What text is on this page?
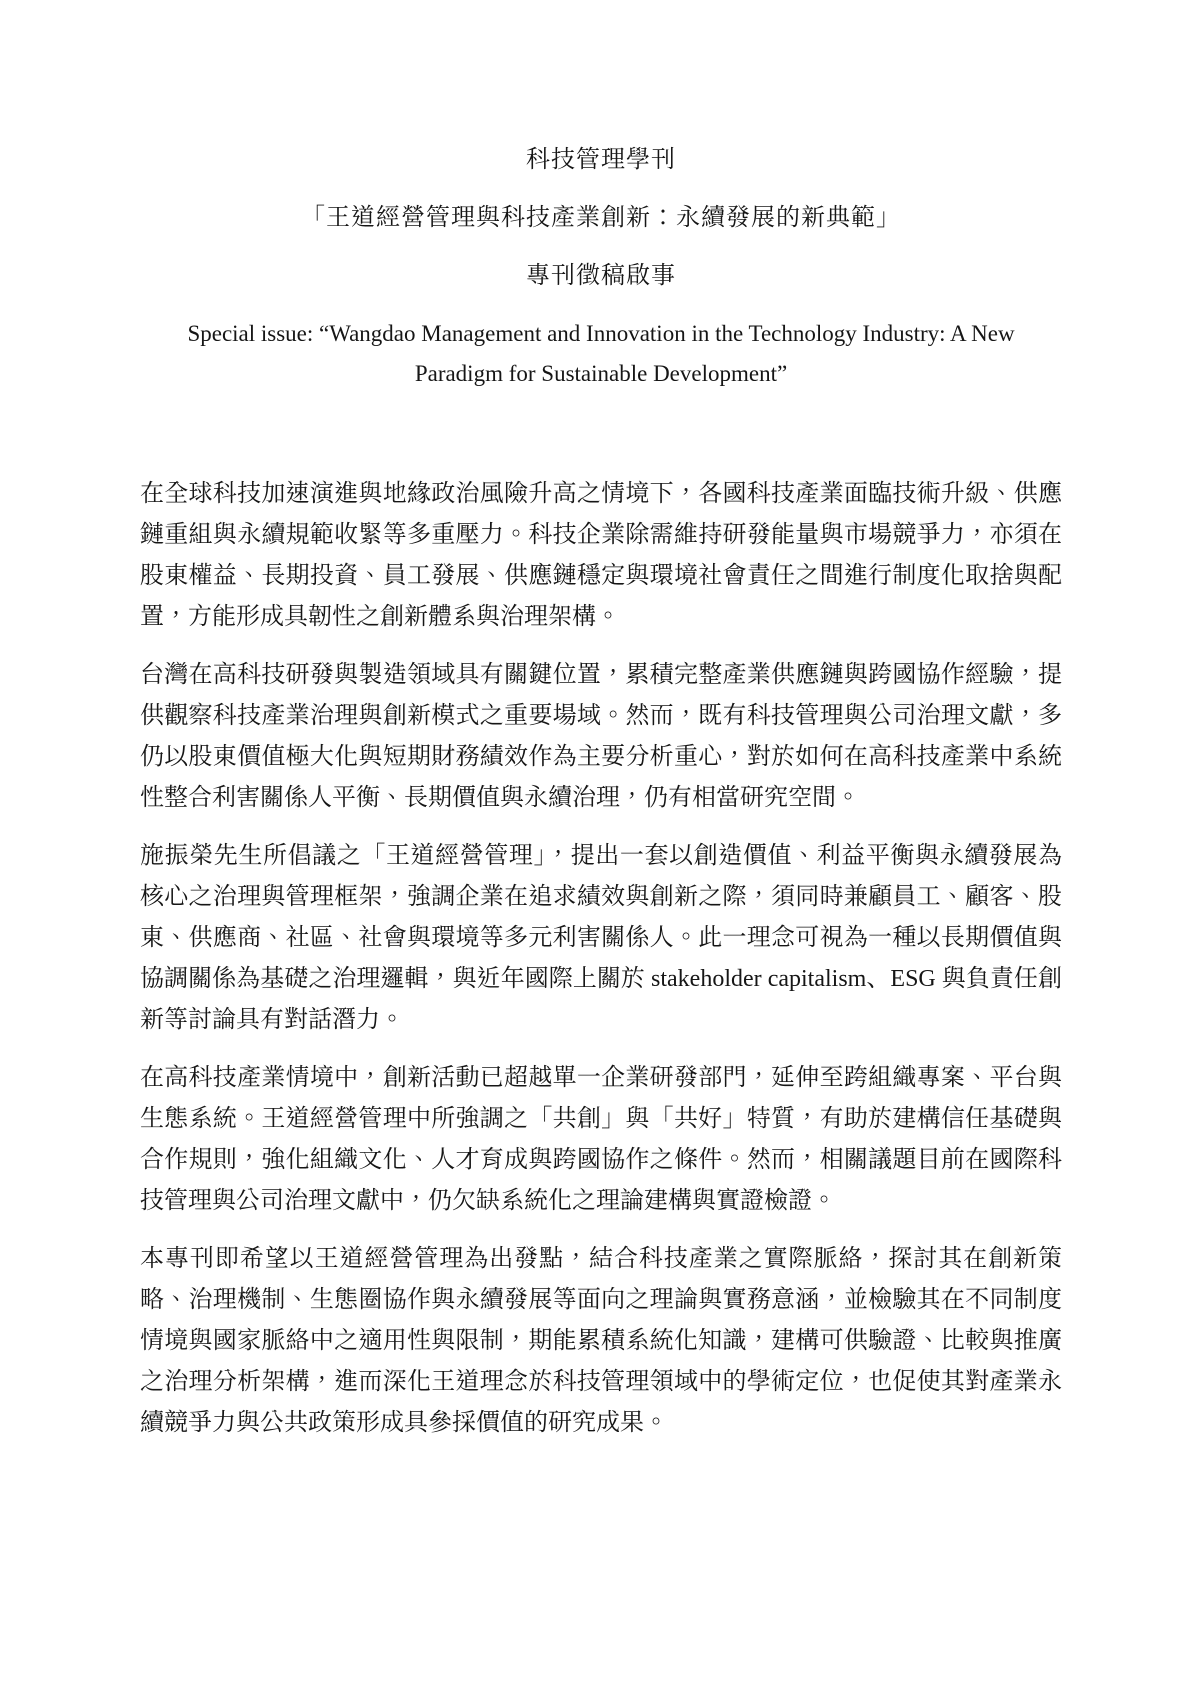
科技管理學刊
「王道經營管理與科技產業創新：永續發展的新典範」
專刊徵稿啟事
Special issue: “Wangdao Management and Innovation in the Technology Industry: A New
Paradigm for Sustainable Development”

在全球科技加速演進與地緣政治風險升高之情境下，各國科技產業面臨技術升級、供應鏈重組與永續規範收緊等多重壓力。科技企業除需維持研發能量與市場競爭力，亦須在股東權益、長期投資、員工發展、供應鏈穩定與環境社會責任之間進行制度化取捨與配置，方能形成具韌性之創新體系與治理架構。

台灣在高科技研發與製造領域具有關鍵位置，累積完整產業供應鏈與跨國協作經驗，提供觀察科技產業治理與創新模式之重要場域。然而，既有科技管理與公司治理文獻，多仍以股東價值極大化與短期財務績效作為主要分析重心，對於如何在高科技產業中系統性整合利害關係人平衡、長期價值與永續治理，仍有相當研究空間。

施振榮先生所倡議之「王道經營管理」，提出一套以創造價值、利益平衡與永續發展為核心之治理與管理框架，強調企業在追求績效與創新之際，須同時兼顧員工、顧客、股東、供應商、社區、社會與環境等多元利害關係人。此一理念可視為一種以長期價值與協調關係為基礎之治理邏輯，與近年國際上關於 stakeholder capitalism、ESG 與負責任創新等討論具有對話潛力。

在高科技產業情境中，創新活動已超越單一企業研發部門，延伸至跨組織專案、平台與生態系統。王道經營管理中所強調之「共創」與「共好」特質，有助於建構信任基礎與合作規則，強化組織文化、人才育成與跨國協作之條件。然而，相關議題目前在國際科技管理與公司治理文獻中，仍欠缺系統化之理論建構與實證檢證。

本專刊即希望以王道經營管理為出發點，結合科技產業之實際脈絡，探討其在創新策略、治理機制、生態圈協作與永續發展等面向之理論與實務意涵，並檢驗其在不同制度情境與國家脈絡中之適用性與限制，期能累積系統化知識，建構可供驗證、比較與推廣之治理分析架構，進而深化王道理念於科技管理領域中的學術定位，也促使其對產業永續競爭力與公共政策形成具參採價值的研究成果。
